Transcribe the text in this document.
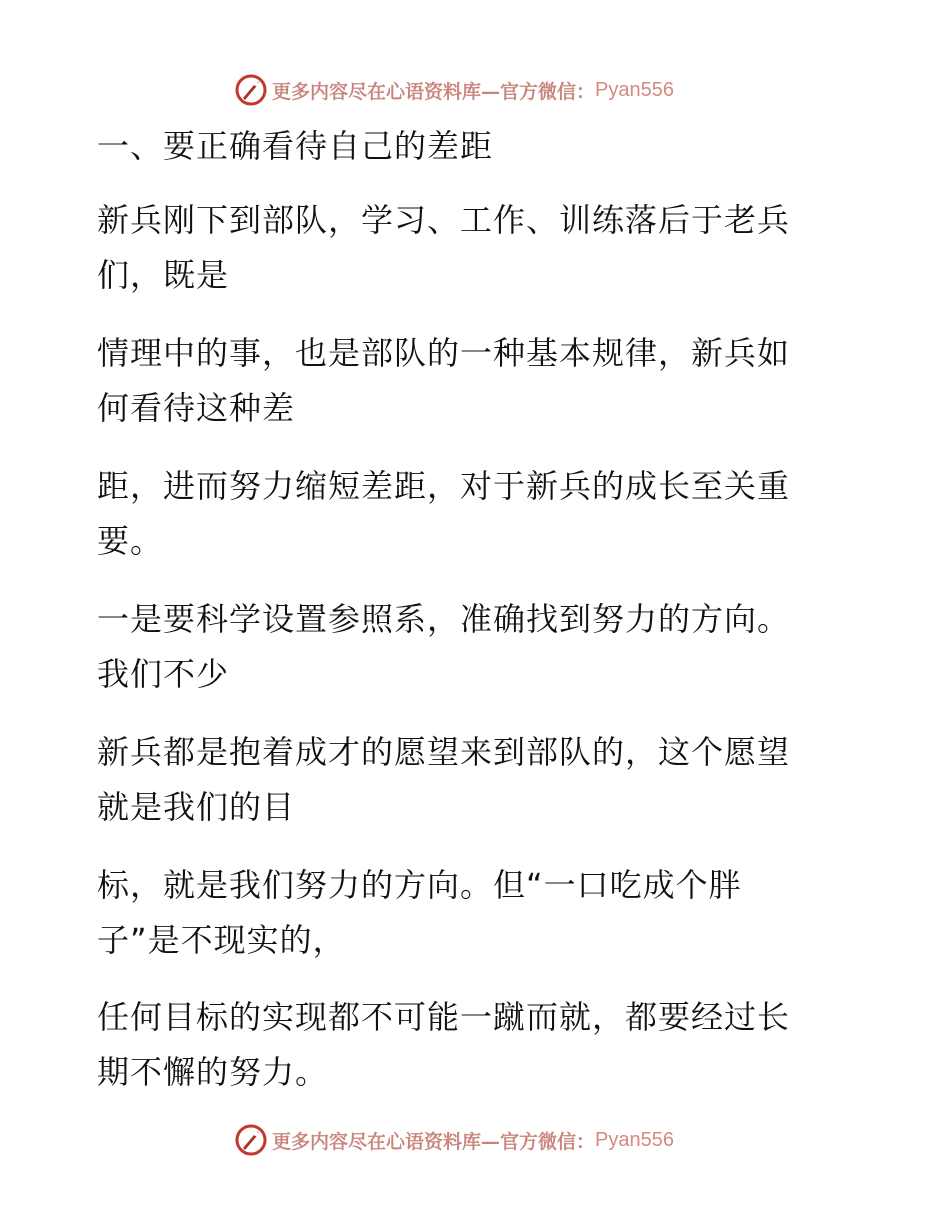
更多内容尽在心语资料库—官方微信： Pyan556
一、要正确看待自己的差距
新兵刚下到部队，学习、工作、训练落后于老兵
们，既是
情理中的事，也是部队的一种基本规律，新兵如
何看待这种差
距，进而努力缩短差距，对于新兵的成长至关重
要。
一是要科学设置参照系，准确找到努力的方向。
我们不少
新兵都是抱着成才的愿望来到部队的，这个愿望
就是我们的目
标，就是我们努力的方向。但“一口吃成个胖
子”是不现实的，
任何目标的实现都不可能一蹴而就，都要经过长
期不懈的努力。
更多内容尽在心语资料库—官方微信： Pyan556
